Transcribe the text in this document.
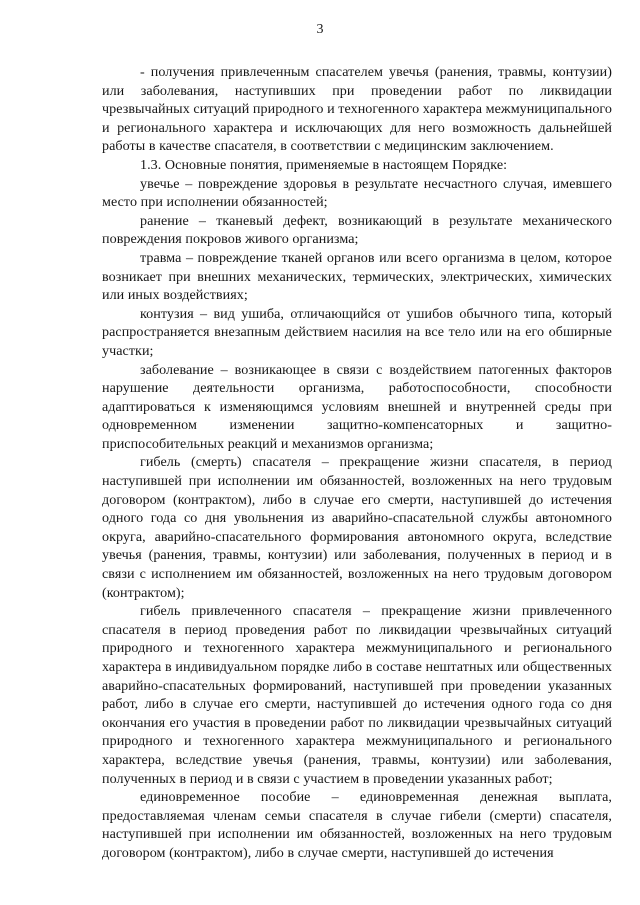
3

- получения привлеченным спасателем увечья (ранения, травмы, контузии) или заболевания, наступивших при проведении работ по ликвидации чрезвычайных ситуаций природного и техногенного характера межмуниципального и регионального характера и исключающих для него возможность дальнейшей работы в качестве спасателя, в соответствии с медицинским заключением.

1.3. Основные понятия, применяемые в настоящем Порядке:

увечье – повреждение здоровья в результате несчастного случая, имевшего место при исполнении обязанностей;

ранение – тканевый дефект, возникающий в результате механического повреждения покровов живого организма;

травма – повреждение тканей органов или всего организма в целом, которое возникает при внешних механических, термических, электрических, химических или иных воздействиях;

контузия – вид ушиба, отличающийся от ушибов обычного типа, который распространяется внезапным действием насилия на все тело или на его обширные участки;

заболевание – возникающее в связи с воздействием патогенных факторов нарушение деятельности организма, работоспособности, способности адаптироваться к изменяющимся условиям внешней и внутренней среды при одновременном изменении защитно-компенсаторных и защитно-приспособительных реакций и механизмов организма;

гибель (смерть) спасателя – прекращение жизни спасателя, в период наступившей при исполнении им обязанностей, возложенных на него трудовым договором (контрактом), либо в случае его смерти, наступившей до истечения одного года со дня увольнения из аварийно-спасательной службы автономного округа, аварийно-спасательного формирования автономного округа, вследствие увечья (ранения, травмы, контузии) или заболевания, полученных в период и в связи с исполнением им обязанностей, возложенных на него трудовым договором (контрактом);

гибель привлеченного спасателя – прекращение жизни привлеченного спасателя в период проведения работ по ликвидации чрезвычайных ситуаций природного и техногенного характера межмуниципального и регионального характера в индивидуальном порядке либо в составе нештатных или общественных аварийно-спасательных формирований, наступившей при проведении указанных работ, либо в случае его смерти, наступившей до истечения одного года со дня окончания его участия в проведении работ по ликвидации чрезвычайных ситуаций природного и техногенного характера межмуниципального и регионального характера, вследствие увечья (ранения, травмы, контузии) или заболевания, полученных в период и в связи с участием в проведении указанных работ;

единовременное пособие – единовременная денежная выплата, предоставляемая членам семьи спасателя в случае гибели (смерти) спасателя, наступившей при исполнении им обязанностей, возложенных на него трудовым договором (контрактом), либо в случае смерти, наступившей до истечения
